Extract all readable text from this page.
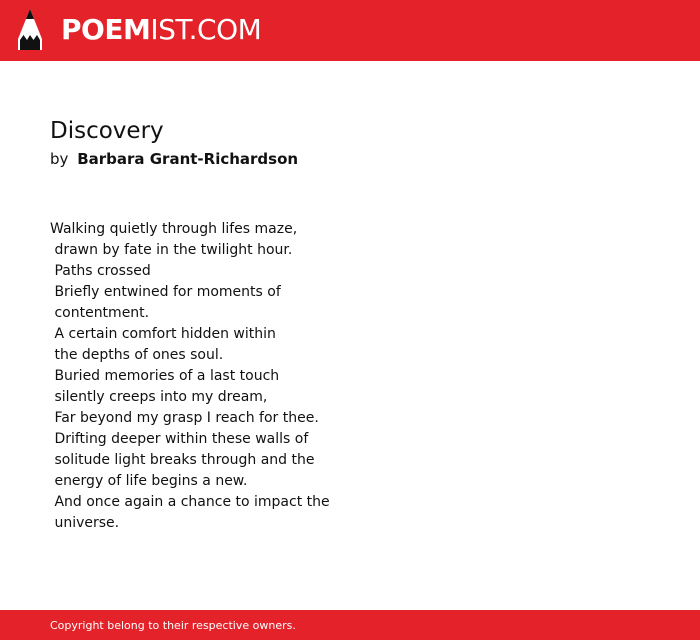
POEMIST.COM
Discovery
by Barbara Grant-Richardson
Walking quietly through lifes maze,
drawn by fate in the twilight hour.
Paths crossed
Briefly entwined for moments of
contentment.
A certain comfort hidden within
the depths of ones soul.
Buried memories of a last touch
silently creeps into my dream,
Far beyond my grasp I reach for thee.
Drifting deeper within these walls of
solitude light breaks through and the
energy of life begins a new.
And once again a chance to impact the
universe.
Copyright belong to their respective owners.
